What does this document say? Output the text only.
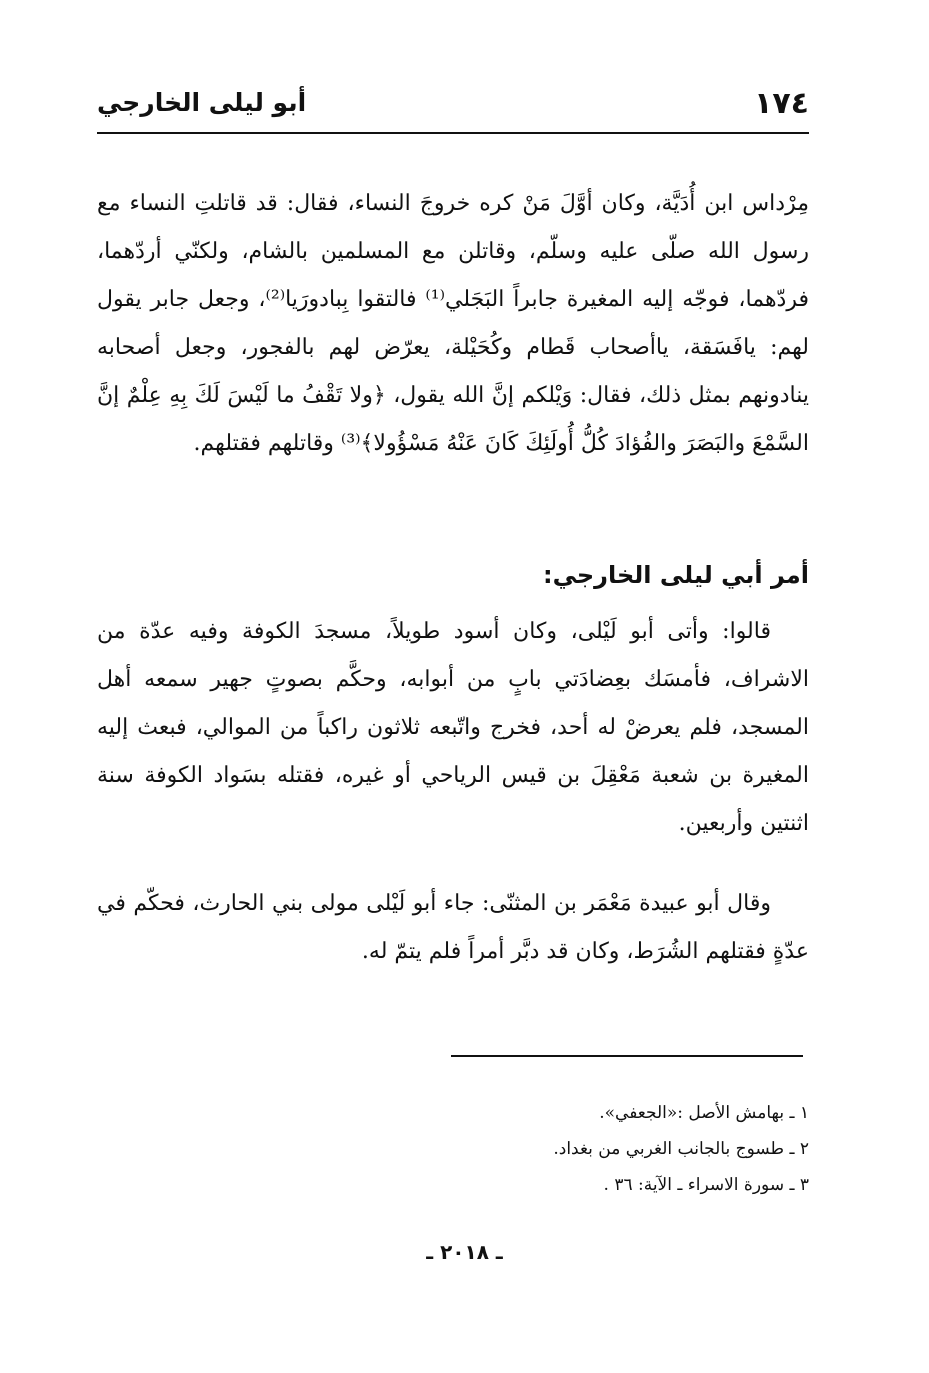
١٧٤
أبو ليلى الخارجي

مِرْداس ابن أُدَيَّة، وكان أوَّلَ مَنْ كره خروجَ النساء، فقال: قد قاتلتِ النساء مع رسول الله صلّى عليه وسلّم، وقاتلن مع المسلمين بالشام، ولكنّي أردّهما، فردّهما، فوجّه إليه المغيرة جابراً البَجَلي⁽¹⁾ فالتقوا بِبادورَيا⁽²⁾، وجعل جابر يقول لهم: يافَسَقة، ياأصحاب قَطام وكُحَيْلة، يعرّض لهم بالفجور، وجعل أصحابه ينادونهم بمثل ذلك، فقال: وَيْلكم إنَّ الله يقول، ﴿ولا تَقْفُ ما لَيْسَ لَكَ بِهِ عِلْمٌ إنَّ السَّمْعَ والبَصَرَ والفُؤادَ كُلُّ أُولَئِكَ كَانَ عَنْهُ مَسْؤُولا﴾⁽³⁾ وقاتلهم فقتلهم.

أمر أبي ليلى الخارجي:

قالوا: وأتى أبو لَيْلى، وكان أسود طويلاً، مسجدَ الكوفة وفيه عدّة من الاشراف، فأمسَك بعِضادَتي بابٍ من أبوابه، وحكَّم بصوتٍ جهير سمعه أهل المسجد، فلم يعرضْ له أحد، فخرج واتّبعه ثلاثون راكباً من الموالي، فبعث إليه المغيرة بن شعبة مَعْقِلَ بن قيس الرياحي أو غيره، فقتله بسَواد الكوفة سنة اثنتين وأربعين.

وقال أبو عبيدة مَعْمَر بن المثنّى: جاء أبو لَيْلى مولى بني الحارث، فحكّم في عدّةٍ فقتلهم الشُرَط، وكان قد دبَّر أمراً فلم يتمّ له.

١ ـ بهامش الأصل :«الجعفي».
٢ ـ طسوج بالجانب الغربي من بغداد.
٣ ـ سورة الاسراء ـ الآية: ٣٦ .
ـ ٢٠١٨ ـ
